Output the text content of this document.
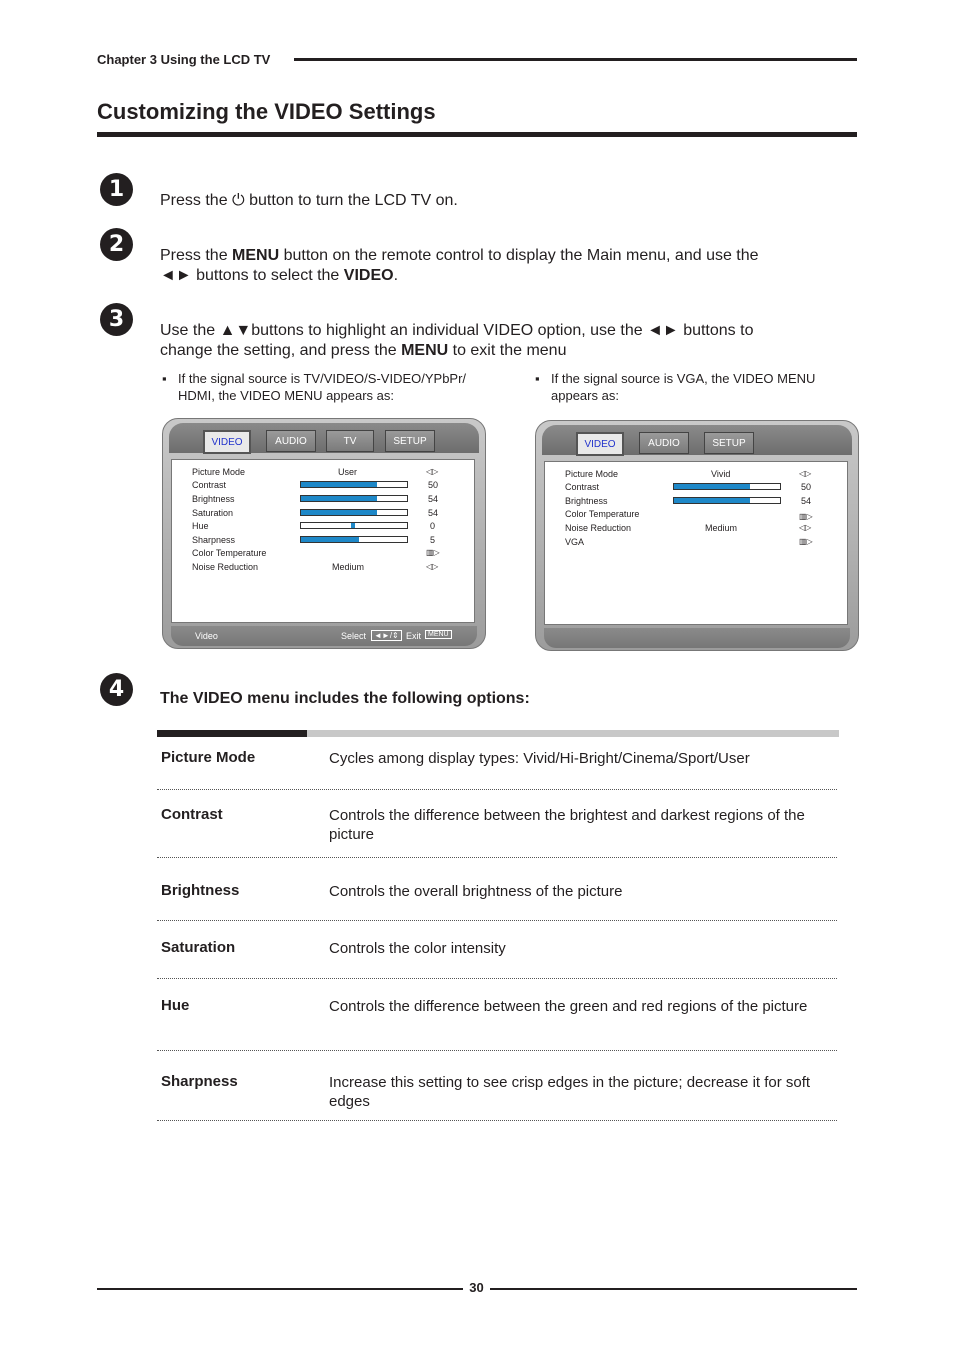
Chapter 3 Using the LCD TV
Customizing the VIDEO Settings
1	Press the ⏻ button to turn the LCD TV on.
2	Press the MENU button on the remote control to display the Main menu, and use the
◄► buttons to select the VIDEO.
3	Use the ▲▼buttons to highlight an individual VIDEO option, use the ◄► buttons to
change the setting, and press the MENU to exit the menu
▪ If the signal source is TV/VIDEO/S-VIDEO/YPbPr/
HDMI, the VIDEO MENU appears as:
▪ If the signal source is VGA, the VIDEO MENU
appears as:
VIDEO	AUDIO	TV	SETUP
Picture Mode	User	◁▷
Contrast	50
Brightness	54
Saturation	54
Hue	0
Sharpness	5
Color Temperature	▥▷
Noise Reduction	Medium	◁▷
Video	Select ◄►/⇕ Exit MENU
VIDEO	AUDIO	SETUP
Picture Mode	Vivid	◁▷
Contrast	50
Brightness	54
Color Temperature	▥▷
Noise Reduction	Medium	◁▷
VGA	▥▷
4	The VIDEO menu includes the following options:
Picture Mode	Cycles among display types: Vivid/Hi-Bright/Cinema/Sport/User
Contrast	Controls the difference between the brightest and darkest regions of the picture
Brightness	Controls the overall brightness of the picture
Saturation	Controls the color intensity
Hue	Controls the difference between the green and red regions of the picture
Sharpness	Increase this setting to see crisp edges in the picture; decrease it for soft edges
30
